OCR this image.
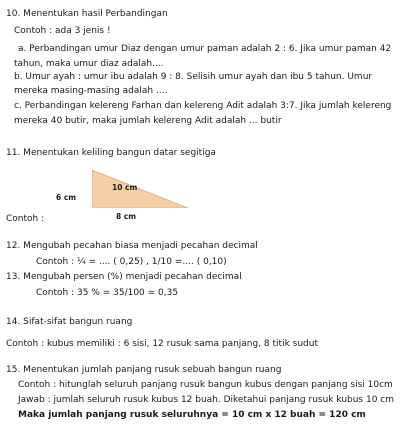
10. Menentukan hasil Perbandingan
Contoh : ada 3 jenis !
a. Perbandingan umur Diaz dengan umur paman adalah 2 : 6. Jika umur paman 42
tahun, maka umur diaz adalah....
b. Umur ayah : umur ibu adalah 9 : 8. Selisih umur ayah dan ibu 5 tahun. Umur
mereka masing-masing adalah ....
c. Perbandingan kelereng Farhan dan kelereng Adit adalah 3:7. Jika jumlah kelereng
mereka 40 butir, maka jumlah kelereng Adit adalah ... butir
11. Menentukan keliling bangun datar segitiga
10 cm
6 cm
8 cm
Contoh :
12. Mengubah pecahan biasa menjadi pecahan decimal
Contoh : ¼ = .... ( 0,25) , 1/10 =.... ( 0,10)
13. Mengubah persen (%) menjadi pecahan decimal
Contoh : 35 % = 35/100 = 0,35
14. Sifat-sifat bangun ruang
Contoh : kubus memiliki : 6 sisi, 12 rusuk sama panjang, 8 titik sudut
15. Menentukan jumlah panjang rusuk sebuah bangun ruang
Contoh : hitunglah seluruh panjang rusuk bangun kubus dengan panjang sisi 10cm
Jawab : jumlah seluruh rusuk kubus 12 buah. Diketahui panjang rusuk kubus 10 cm
Maka jumlah panjang rusuk seluruhnya = 10 cm x 12 buah = 120 cm
